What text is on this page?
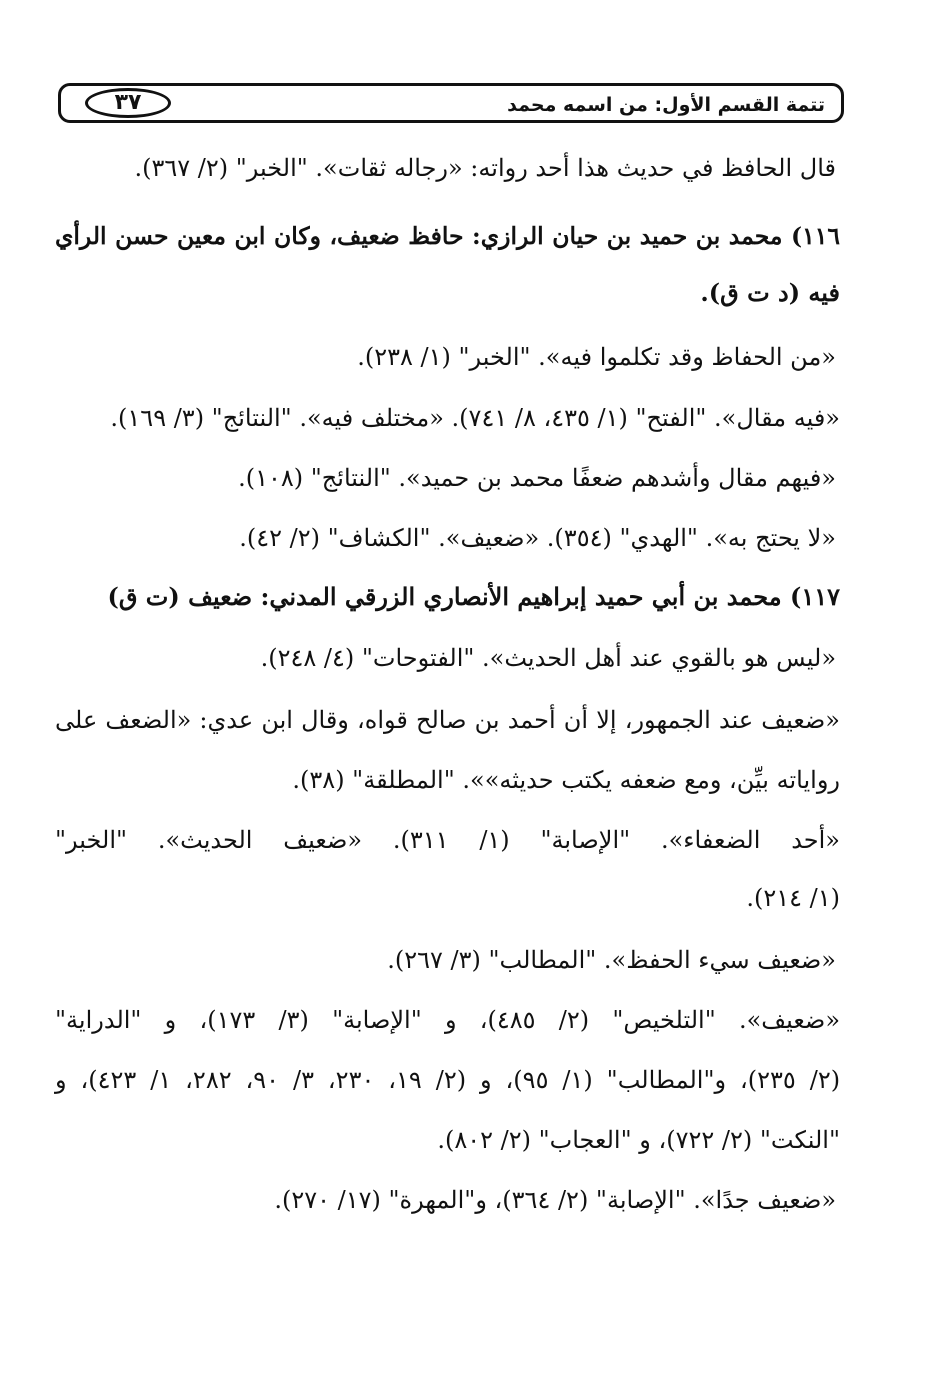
تتمة القسم الأول: من اسمه محمد
٣٧
قال الحافظ في حديث هذا أحد رواته: «رجاله ثقات». "الخبر" (٢/ ٣٦٧).
١١٦) محمد بن حميد بن حيان الرازي: حافظ ضعيف، وكان ابن معين حسن الرأي
فيه (د ت ق).
«من الحفاظ وقد تكلموا فيه». "الخبر" (١/ ٢٣٨).
«فيه مقال». "الفتح" (١/ ٤٣٥، ٨/ ٧٤١). «مختلف فيه». "النتائج" (٣/ ١٦٩).
«فيهم مقال وأشدهم ضعفًا محمد بن حميد». "النتائج" (١٠٨).
«لا يحتج به». "الهدي" (٣٥٤). «ضعيف». "الكشاف" (٢/ ٤٢).
١١٧) محمد بن أبي حميد إبراهيم الأنصاري الزرقي المدني: ضعيف (ت ق)
«ليس هو بالقوي عند أهل الحديث». "الفتوحات" (٤/ ٢٤٨).
«ضعيف عند الجمهور، إلا أن أحمد بن صالح قواه، وقال ابن عدي: «الضعف على
رواياته بيِّن، ومع ضعفه يكتب حديثه»». "المطلقة" (٣٨).
«أحد الضعفاء». "الإصابة" (١/ ٣١١). «ضعيف الحديث». "الخبر"
(١/ ٢١٤).
«ضعيف سيء الحفظ». "المطالب" (٣/ ٢٦٧).
«ضعيف». "التلخيص" (٢/ ٤٨٥)، و "الإصابة" (٣/ ١٧٣)، و "الدراية"
(٢/ ٢٣٥)، و"المطالب" (١/ ٩٥)، و (٢/ ١٩، ٢٣٠، ٣/ ٩٠، ٢٨٢، ١/ ٤٢٣)، و
"النكت" (٢/ ٧٢٢)، و "العجاب" (٢/ ٨٠٢).
«ضعيف جدًا». "الإصابة" (٢/ ٣٦٤)، و"المهرة" (١٧/ ٢٧٠).
